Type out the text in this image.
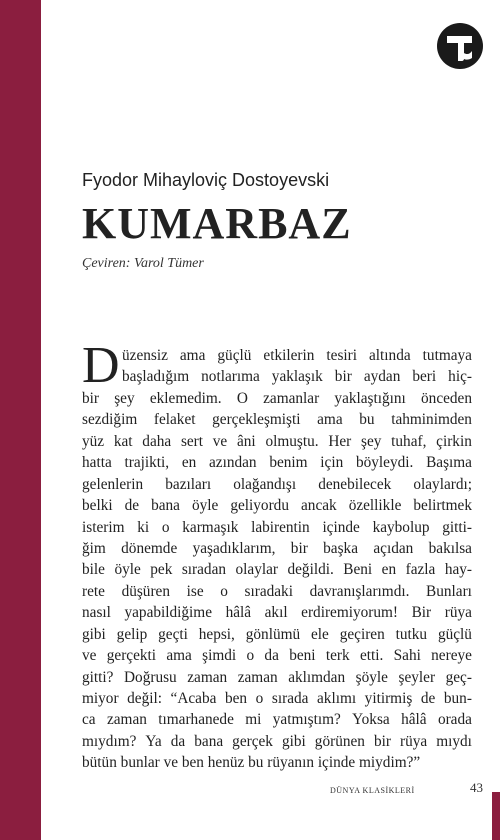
Fyodor Mihayloviç Dostoyevski
KUMARBAZ
Çeviren: Varol Tümer
D üzensiz ama güçlü etkilerin tesiri altında tutmaya
başladığım notlarıma yaklaşık bir aydan beri hiç-
bir şey eklemedim. O zamanlar yaklaştığını önceden
sezdiğim felaket gerçekleşmişti ama bu tahminimden
yüz kat daha sert ve âni olmuştu. Her şey tuhaf, çirkin
hatta trajikti, en azından benim için böyleydi. Başıma
gelenlerin bazıları olağandışı denebilecek olaylardı;
belki de bana öyle geliyordu ancak özellikle belirtmek
isterim ki o karmaşık labirentin içinde kaybolup gitti-
ğim dönemde yaşadıklarım, bir başka açıdan bakılsa
bile öyle pek sıradan olaylar değildi. Beni en fazla hay-
rete düşüren ise o sıradaki davranışlarımdı. Bunları
nasıl yapabildiğime hâlâ akıl erdiremiyorum! Bir rüya
gibi gelip geçti hepsi, gönlümü ele geçiren tutku güçlü
ve gerçekti ama şimdi o da beni terk etti. Sahi nereye
gitti? Doğrusu zaman zaman aklımdan şöyle şeyler geç-
miyor değil: “Acaba ben o sırada aklımı yitirmiş de bun-
ca zaman tımarhanede mi yatmıştım? Yoksa hâlâ orada
mıydım? Ya da bana gerçek gibi görünen bir rüya mıydı
bütün bunlar ve ben henüz bu rüyanın içinde miydim?”
DÜNYA KLASİKLERİ	43
